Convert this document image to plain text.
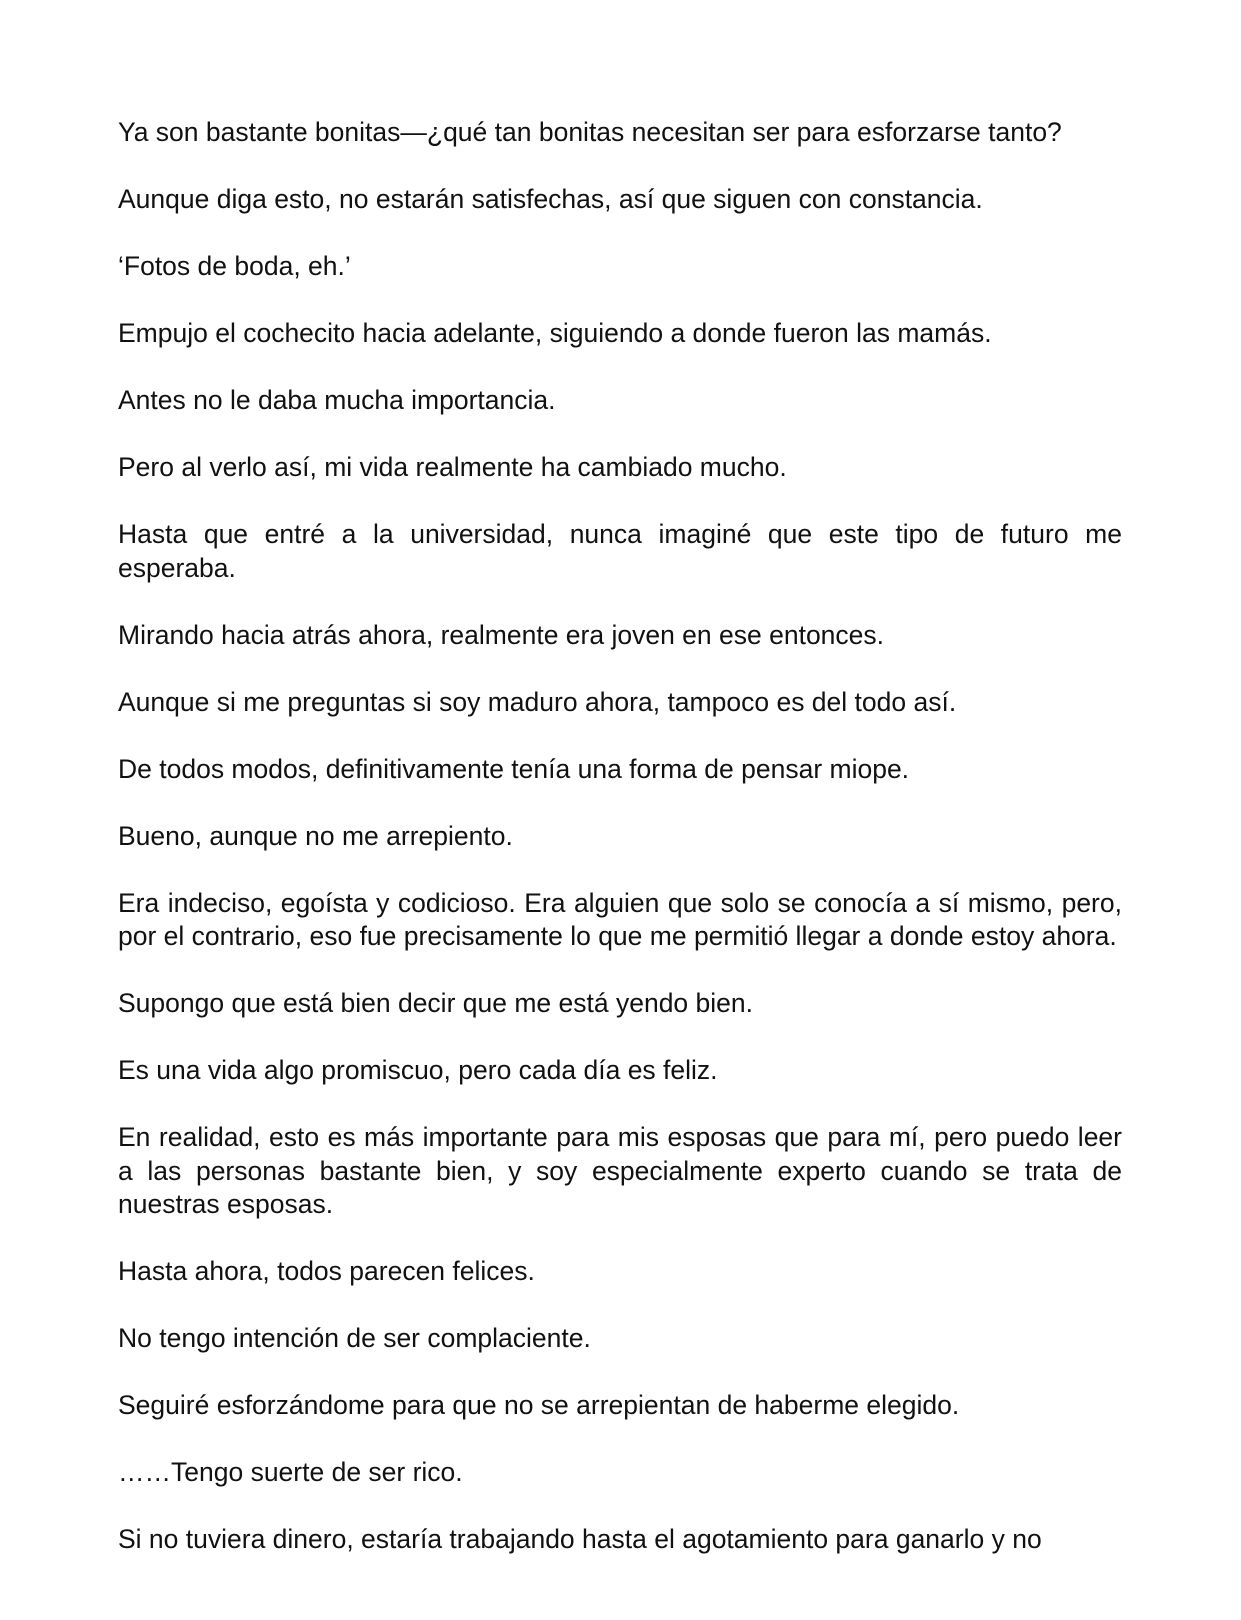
Ya son bastante bonitas—¿qué tan bonitas necesitan ser para esforzarse tanto?

Aunque diga esto, no estarán satisfechas, así que siguen con constancia.

‘Fotos de boda, eh.’

Empujo el cochecito hacia adelante, siguiendo a donde fueron las mamás.

Antes no le daba mucha importancia.

Pero al verlo así, mi vida realmente ha cambiado mucho.

Hasta que entré a la universidad, nunca imaginé que este tipo de futuro me esperaba.

Mirando hacia atrás ahora, realmente era joven en ese entonces.

Aunque si me preguntas si soy maduro ahora, tampoco es del todo así.

De todos modos, definitivamente tenía una forma de pensar miope.

Bueno, aunque no me arrepiento.

Era indeciso, egoísta y codicioso. Era alguien que solo se conocía a sí mismo, pero, por el contrario, eso fue precisamente lo que me permitió llegar a donde estoy ahora.

Supongo que está bien decir que me está yendo bien.

Es una vida algo promiscuo, pero cada día es feliz.

En realidad, esto es más importante para mis esposas que para mí, pero puedo leer a las personas bastante bien, y soy especialmente experto cuando se trata de nuestras esposas.

Hasta ahora, todos parecen felices.

No tengo intención de ser complaciente.

Seguiré esforzándome para que no se arrepientan de haberme elegido.

……Tengo suerte de ser rico.

Si no tuviera dinero, estaría trabajando hasta el agotamiento para ganarlo y no
